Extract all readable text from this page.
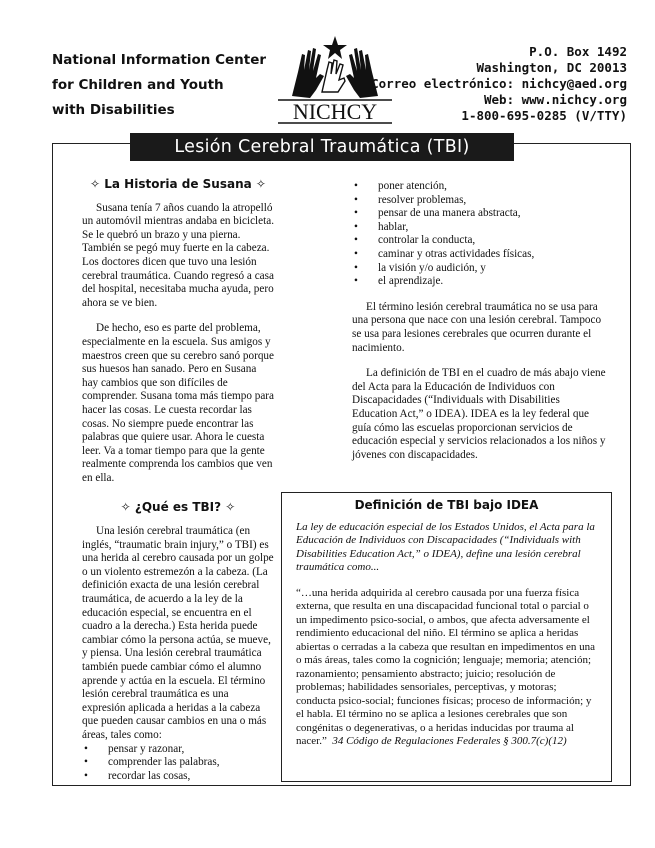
National Information Center
for Children and Youth
with Disabilities	NICHCY
P.O. Box 1492
Washington, DC 20013
Correo electrónico: nichcy@aed.org
Web: www.nichcy.org
1-800-695-0285 (V/TTY)
Lesión Cerebral Traumática (TBI)
✧ La Historia de Susana ✧

Susana tenía 7 años cuando la atropelló un automóvil mientras andaba en bicicleta. Se le quebró un brazo y una pierna. También se pegó muy fuerte en la cabeza. Los doctores dicen que tuvo una lesión cerebral traumática. Cuando regresó a casa del hospital, necesitaba mucha ayuda, pero ahora se ve bien.

De hecho, eso es parte del problema, especialmente en la escuela. Sus amigos y maestros creen que su cerebro sanó porque sus huesos han sanado. Pero en Susana hay cambios que son difíciles de comprender. Susana toma más tiempo para hacer las cosas. Le cuesta recordar las cosas. No siempre puede encontrar las palabras que quiere usar. Ahora le cuesta leer. Va a tomar tiempo para que la gente realmente comprenda los cambios que ven en ella.

✧ ¿Qué es TBI? ✧

Una lesión cerebral traumática (en inglés, “traumatic brain injury,” o TBI) es una herida al cerebro causada por un golpe o un violento estremezón a la cabeza. (La definición exacta de una lesión cerebral traumática, de acuerdo a la ley de la educación especial, se encuentra en el cuadro a la derecha.) Esta herida puede cambiar cómo la persona actúa, se mueve, y piensa. Una lesión cerebral traumática también puede cambiar cómo el alumno aprende y actúa en la escuela. El término lesión cerebral traumática es una expresión aplicada a heridas a la cabeza que pueden causar cambios en una o más áreas, tales como:

• pensar y razonar,
• comprender las palabras,
• recordar las cosas,
• poner atención,
• resolver problemas,
• pensar de una manera abstracta,
• hablar,
• controlar la conducta,
• caminar y otras actividades físicas,
• la visión y/o audición, y
• el aprendizaje.

El término lesión cerebral traumática no se usa para una persona que nace con una lesión cerebral. Tampoco se usa para lesiones cerebrales que ocurren durante el nacimiento.

La definición de TBI en el cuadro de más abajo viene del Acta para la Educación de Individuos con Discapacidades (“Individuals with Disabilities Education Act,” o IDEA). IDEA es la ley federal que guía cómo las escuelas proporcionan servicios de educación especial y servicios relacionados a los niños y jóvenes con discapacidades.

Definición de TBI bajo IDEA

La ley de educación especial de los Estados Unidos, el Acta para la Educación de Individuos con Discapacidades (“Individuals with Disabilities Education Act,” o IDEA), define una lesión cerebral traumática como...

“…una herida adquirida al cerebro causada por una fuerza física externa, que resulta en una discapacidad funcional total o parcial o un impedimento psico-social, o ambos, que afecta adversamente el rendimiento educacional del niño. El término se aplica a heridas abiertas o cerradas a la cabeza que resultan en impedimentos en una o más áreas, tales como la cognición; lenguaje; memoria; atención; razonamiento; pensamiento abstracto; juicio; resolución de problemas; habilidades sensoriales, perceptivas, y motoras; conducta psico-social; funciones físicas; proceso de información; y el habla. El término no se aplica a lesiones cerebrales que son congénitas o degenerativas, o a heridas inducidas por trauma al nacer.” 34 Código de Regulaciones Federales § 300.7(c)(12)
